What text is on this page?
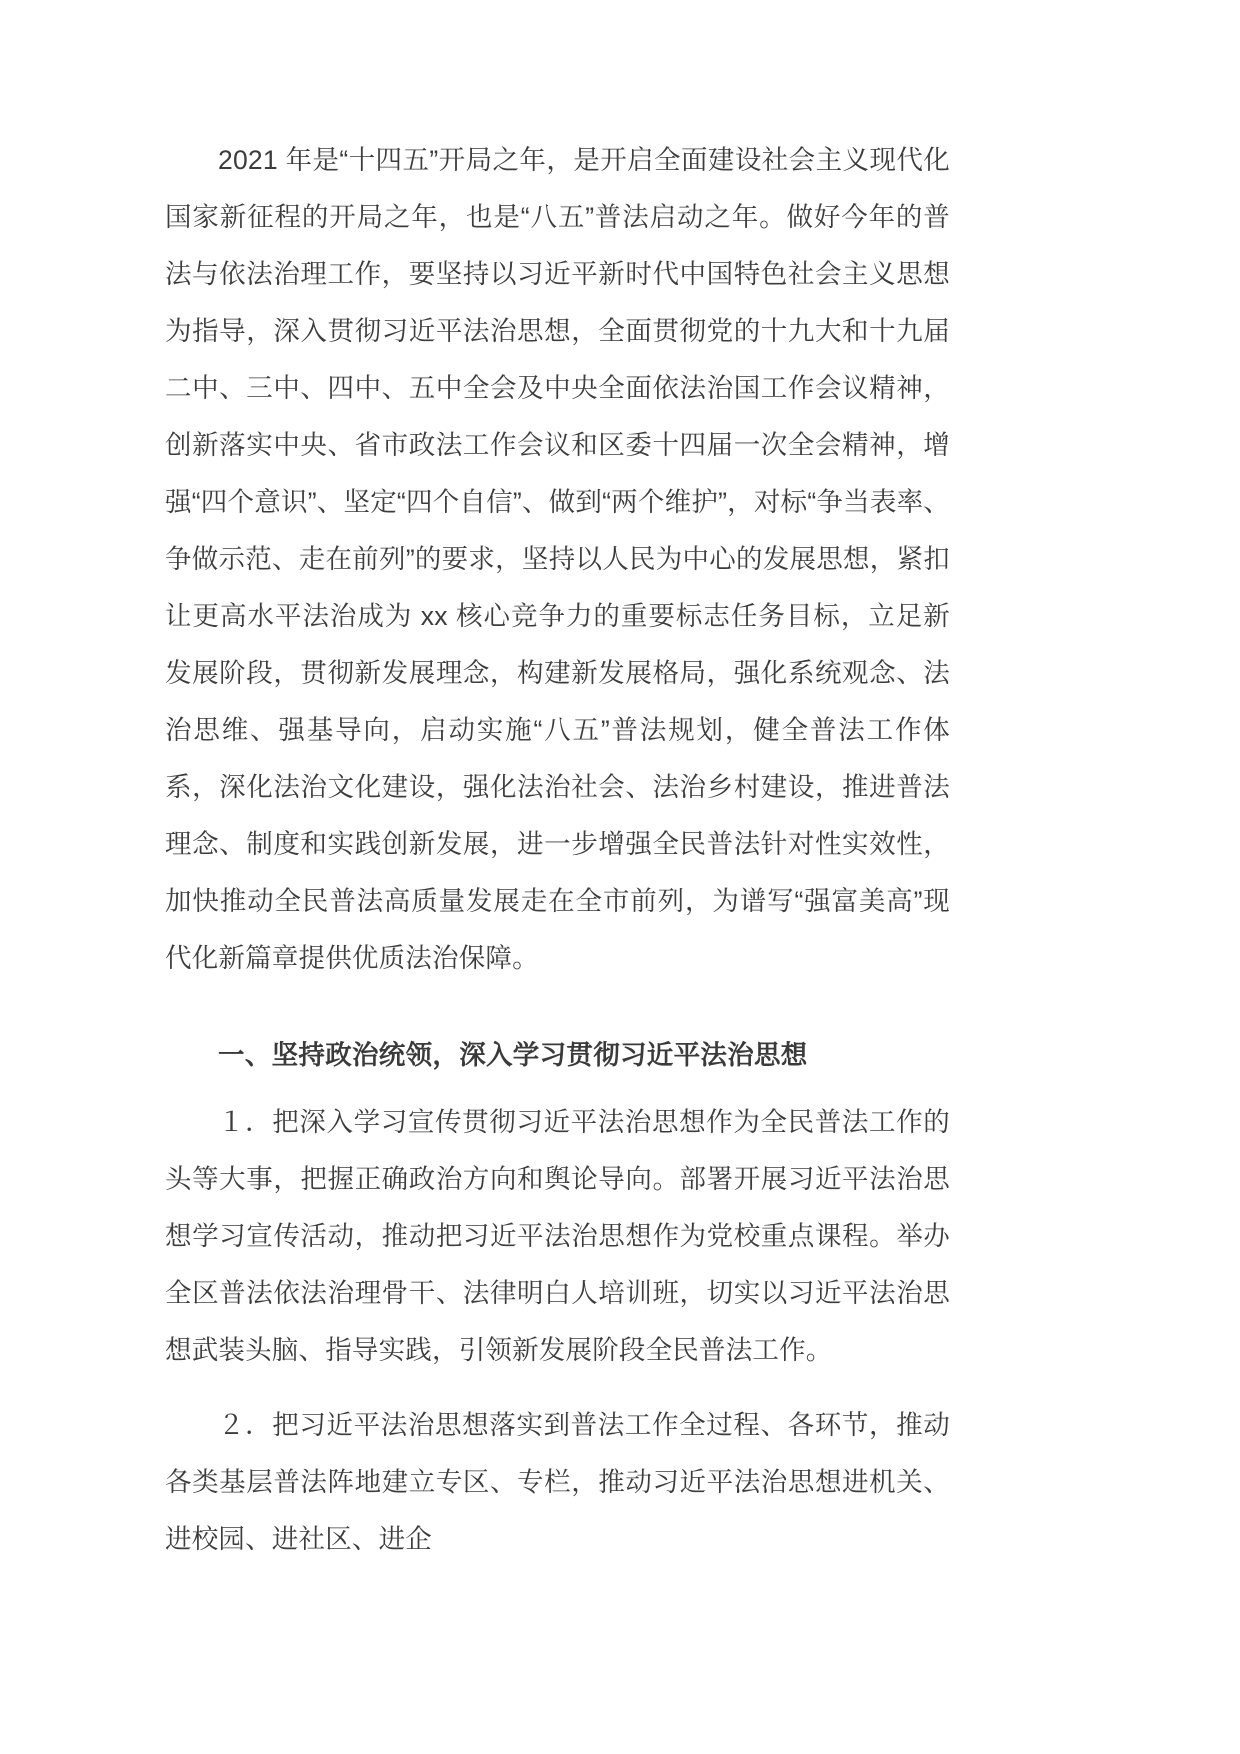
2021 年是“十四五”开局之年，是开启全面建设社会主义现代化国家新征程的开局之年，也是“八五”普法启动之年。做好今年的普法与依法治理工作，要坚持以习近平新时代中国特色社会主义思想为指导，深入贯彻习近平法治思想，全面贯彻党的十九大和十九届二中、三中、四中、五中全会及中央全面依法治国工作会议精神，创新落实中央、省市政法工作会议和区委十四届一次全会精神，增强“四个意识”、坚定“四个自信”、做到“两个维护”，对标“争当表率、争做示范、走在前列”的要求，坚持以人民为中心的发展思想，紧扣让更高水平法治成为 xx 核心竞争力的重要标志任务目标，立足新发展阶段，贯彻新发展理念，构建新发展格局，强化系统观念、法治思维、强基导向，启动实施“八五”普法规划，健全普法工作体系，深化法治文化建设，强化法治社会、法治乡村建设，推进普法理念、制度和实践创新发展，进一步增强全民普法针对性实效性，加快推动全民普法高质量发展走在全市前列，为谱写“强富美高”现代化新篇章提供优质法治保障。

一、坚持政治统领，深入学习贯彻习近平法治思想

１．把深入学习宣传贯彻习近平法治思想作为全民普法工作的头等大事，把握正确政治方向和舆论导向。部署开展习近平法治思想学习宣传活动，推动把习近平法治思想作为党校重点课程。举办全区普法依法治理骨干、法律明白人培训班，切实以习近平法治思想武装头脑、指导实践，引领新发展阶段全民普法工作。

２．把习近平法治思想落实到普法工作全过程、各环节，推动各类基层普法阵地建立专区、专栏，推动习近平法治思想进机关、进校园、进社区、进企
